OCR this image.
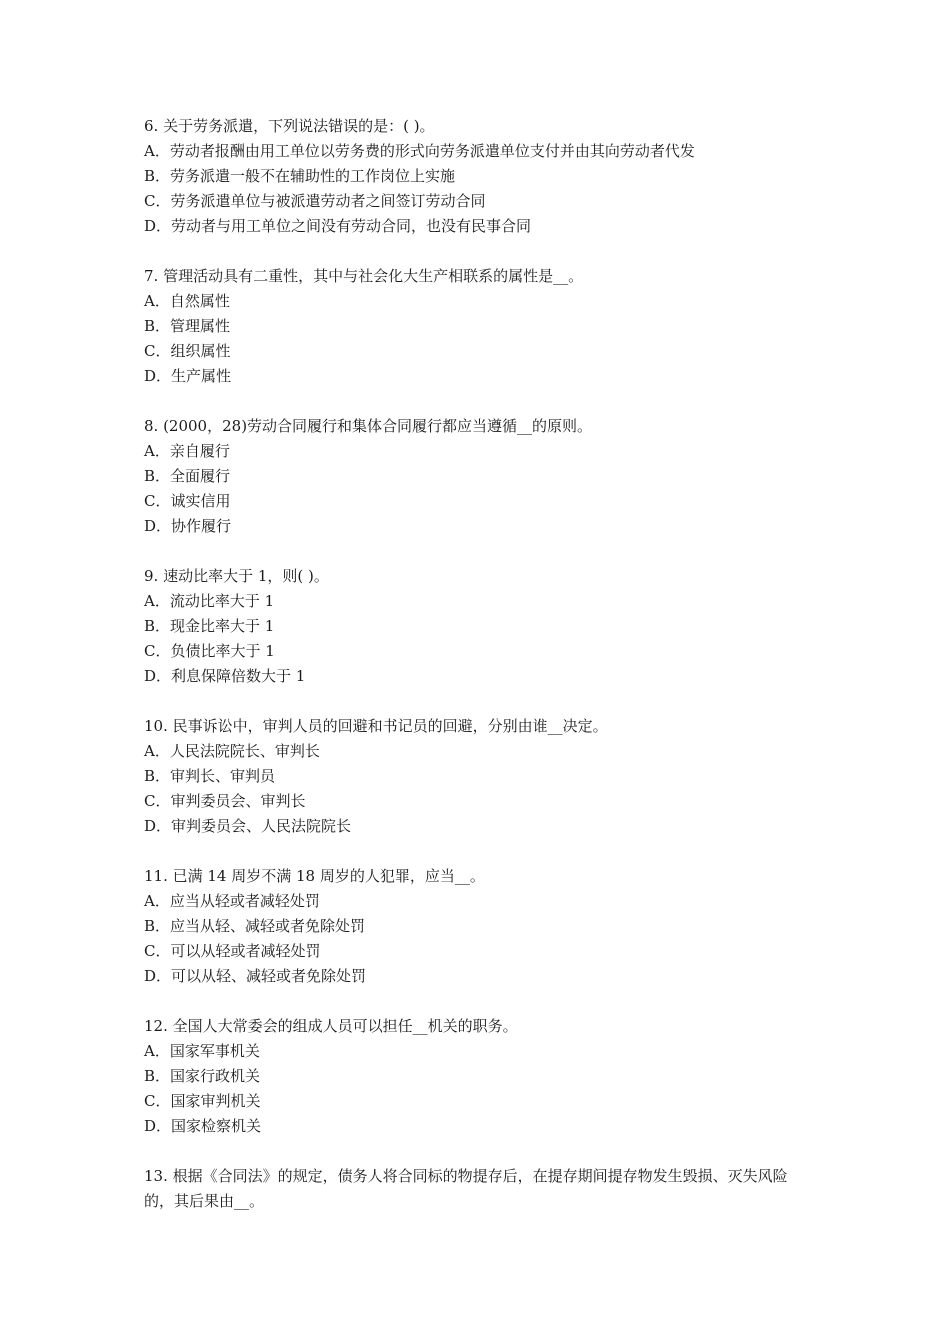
6. 关于劳务派遣，下列说法错误的是：( )。
A．劳动者报酬由用工单位以劳务费的形式向劳务派遣单位支付并由其向劳动者代发
B．劳务派遣一般不在辅助性的工作岗位上实施
C．劳务派遣单位与被派遣劳动者之间签订劳动合同
D．劳动者与用工单位之间没有劳动合同，也没有民事合同
7. 管理活动具有二重性，其中与社会化大生产相联系的属性是__。
A．自然属性
B．管理属性
C．组织属性
D．生产属性
8. (2000，28)劳动合同履行和集体合同履行都应当遵循__的原则。
A．亲自履行
B．全面履行
C．诚实信用
D．协作履行
9. 速动比率大于 1，则( )。
A．流动比率大于 1
B．现金比率大于 1
C．负债比率大于 1
D．利息保障倍数大于 1
10. 民事诉讼中，审判人员的回避和书记员的回避，分别由谁__决定。
A．人民法院院长、审判长
B．审判长、审判员
C．审判委员会、审判长
D．审判委员会、人民法院院长
11. 已满 14 周岁不满 18 周岁的人犯罪，应当__。
A．应当从轻或者减轻处罚
B．应当从轻、减轻或者免除处罚
C．可以从轻或者减轻处罚
D．可以从轻、减轻或者免除处罚
12. 全国人大常委会的组成人员可以担任__机关的职务。
A．国家军事机关
B．国家行政机关
C．国家审判机关
D．国家检察机关
13. 根据《合同法》的规定，债务人将合同标的物提存后，在提存期间提存物发生毁损、灭失风险的，其后果由__。
